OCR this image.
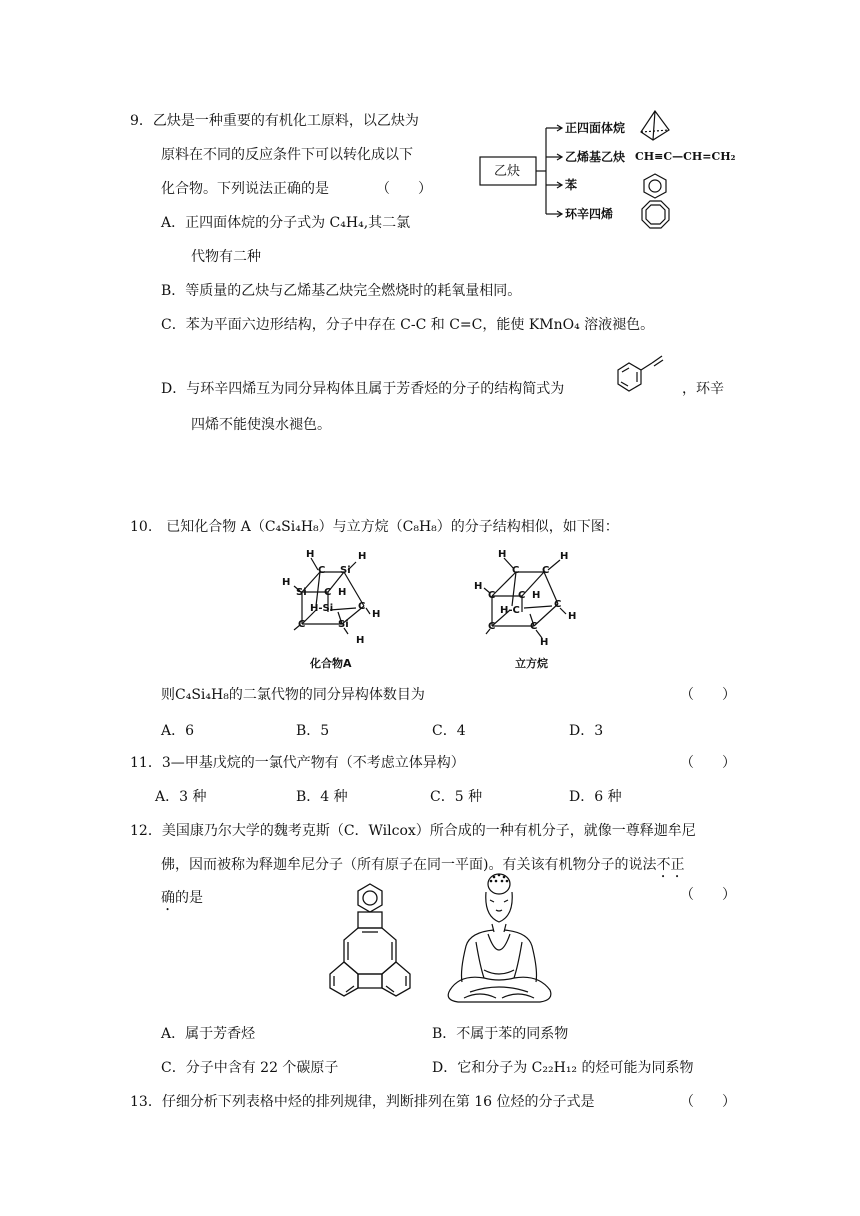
9．乙炔是一种重要的有机化工原料，以乙炔为
原料在不同的反应条件下可以转化成以下
化合物。下列说法正确的是	（　　）
A．正四面体烷的分子式为 C₄H₄,其二氯
代物有二种
B．等质量的乙炔与乙烯基乙炔完全燃烧时的耗氧量相同。
C．苯为平面六边形结构，分子中存在 C-C 和 C=C，能使 KMnO₄ 溶液褪色。
D．与环辛四烯互为同分异构体且属于芳香烃的分子的结构简式为	，环辛
四烯不能使溴水褪色。
乙炔
正四面体烷
乙烯基乙炔 CH≡C—CH=CH₂
苯
环辛四烯
10.　已知化合物 A（C₄Si₄H₈）与立方烷（C₈H₈）的分子结构相似，如下图：
H
C Si
H
H
Si C H
H-Si C
H
C	Si
H
化合物A
H
C C
H
H
C C H
H-C
C
H
C	C
H
立方烷
则C₄Si₄H₈的二氯代物的同分异构体数目为	（　　）
A．6	B．5	C．4	D．3
11．3—甲基戊烷的一氯代产物有（不考虑立体异构）	（　　）
A．3 种	B．4 种	C．5 种	D．6 种
12．美国康乃尔大学的魏考克斯（C．Wilcox）所合成的一种有机分子，就像一尊释迦牟尼
佛，因而被称为释迦牟尼分子（所有原子在同一平面)。有关该有机物分子的说法不正
确的是	（　　）
A．属于芳香烃	B．不属于苯的同系物
C．分子中含有 22 个碳原子	D．它和分子为 C₂₂H₁₂ 的烃可能为同系物
13．仔细分析下列表格中烃的排列规律，判断排列在第 16 位烃的分子式是	（　　）
